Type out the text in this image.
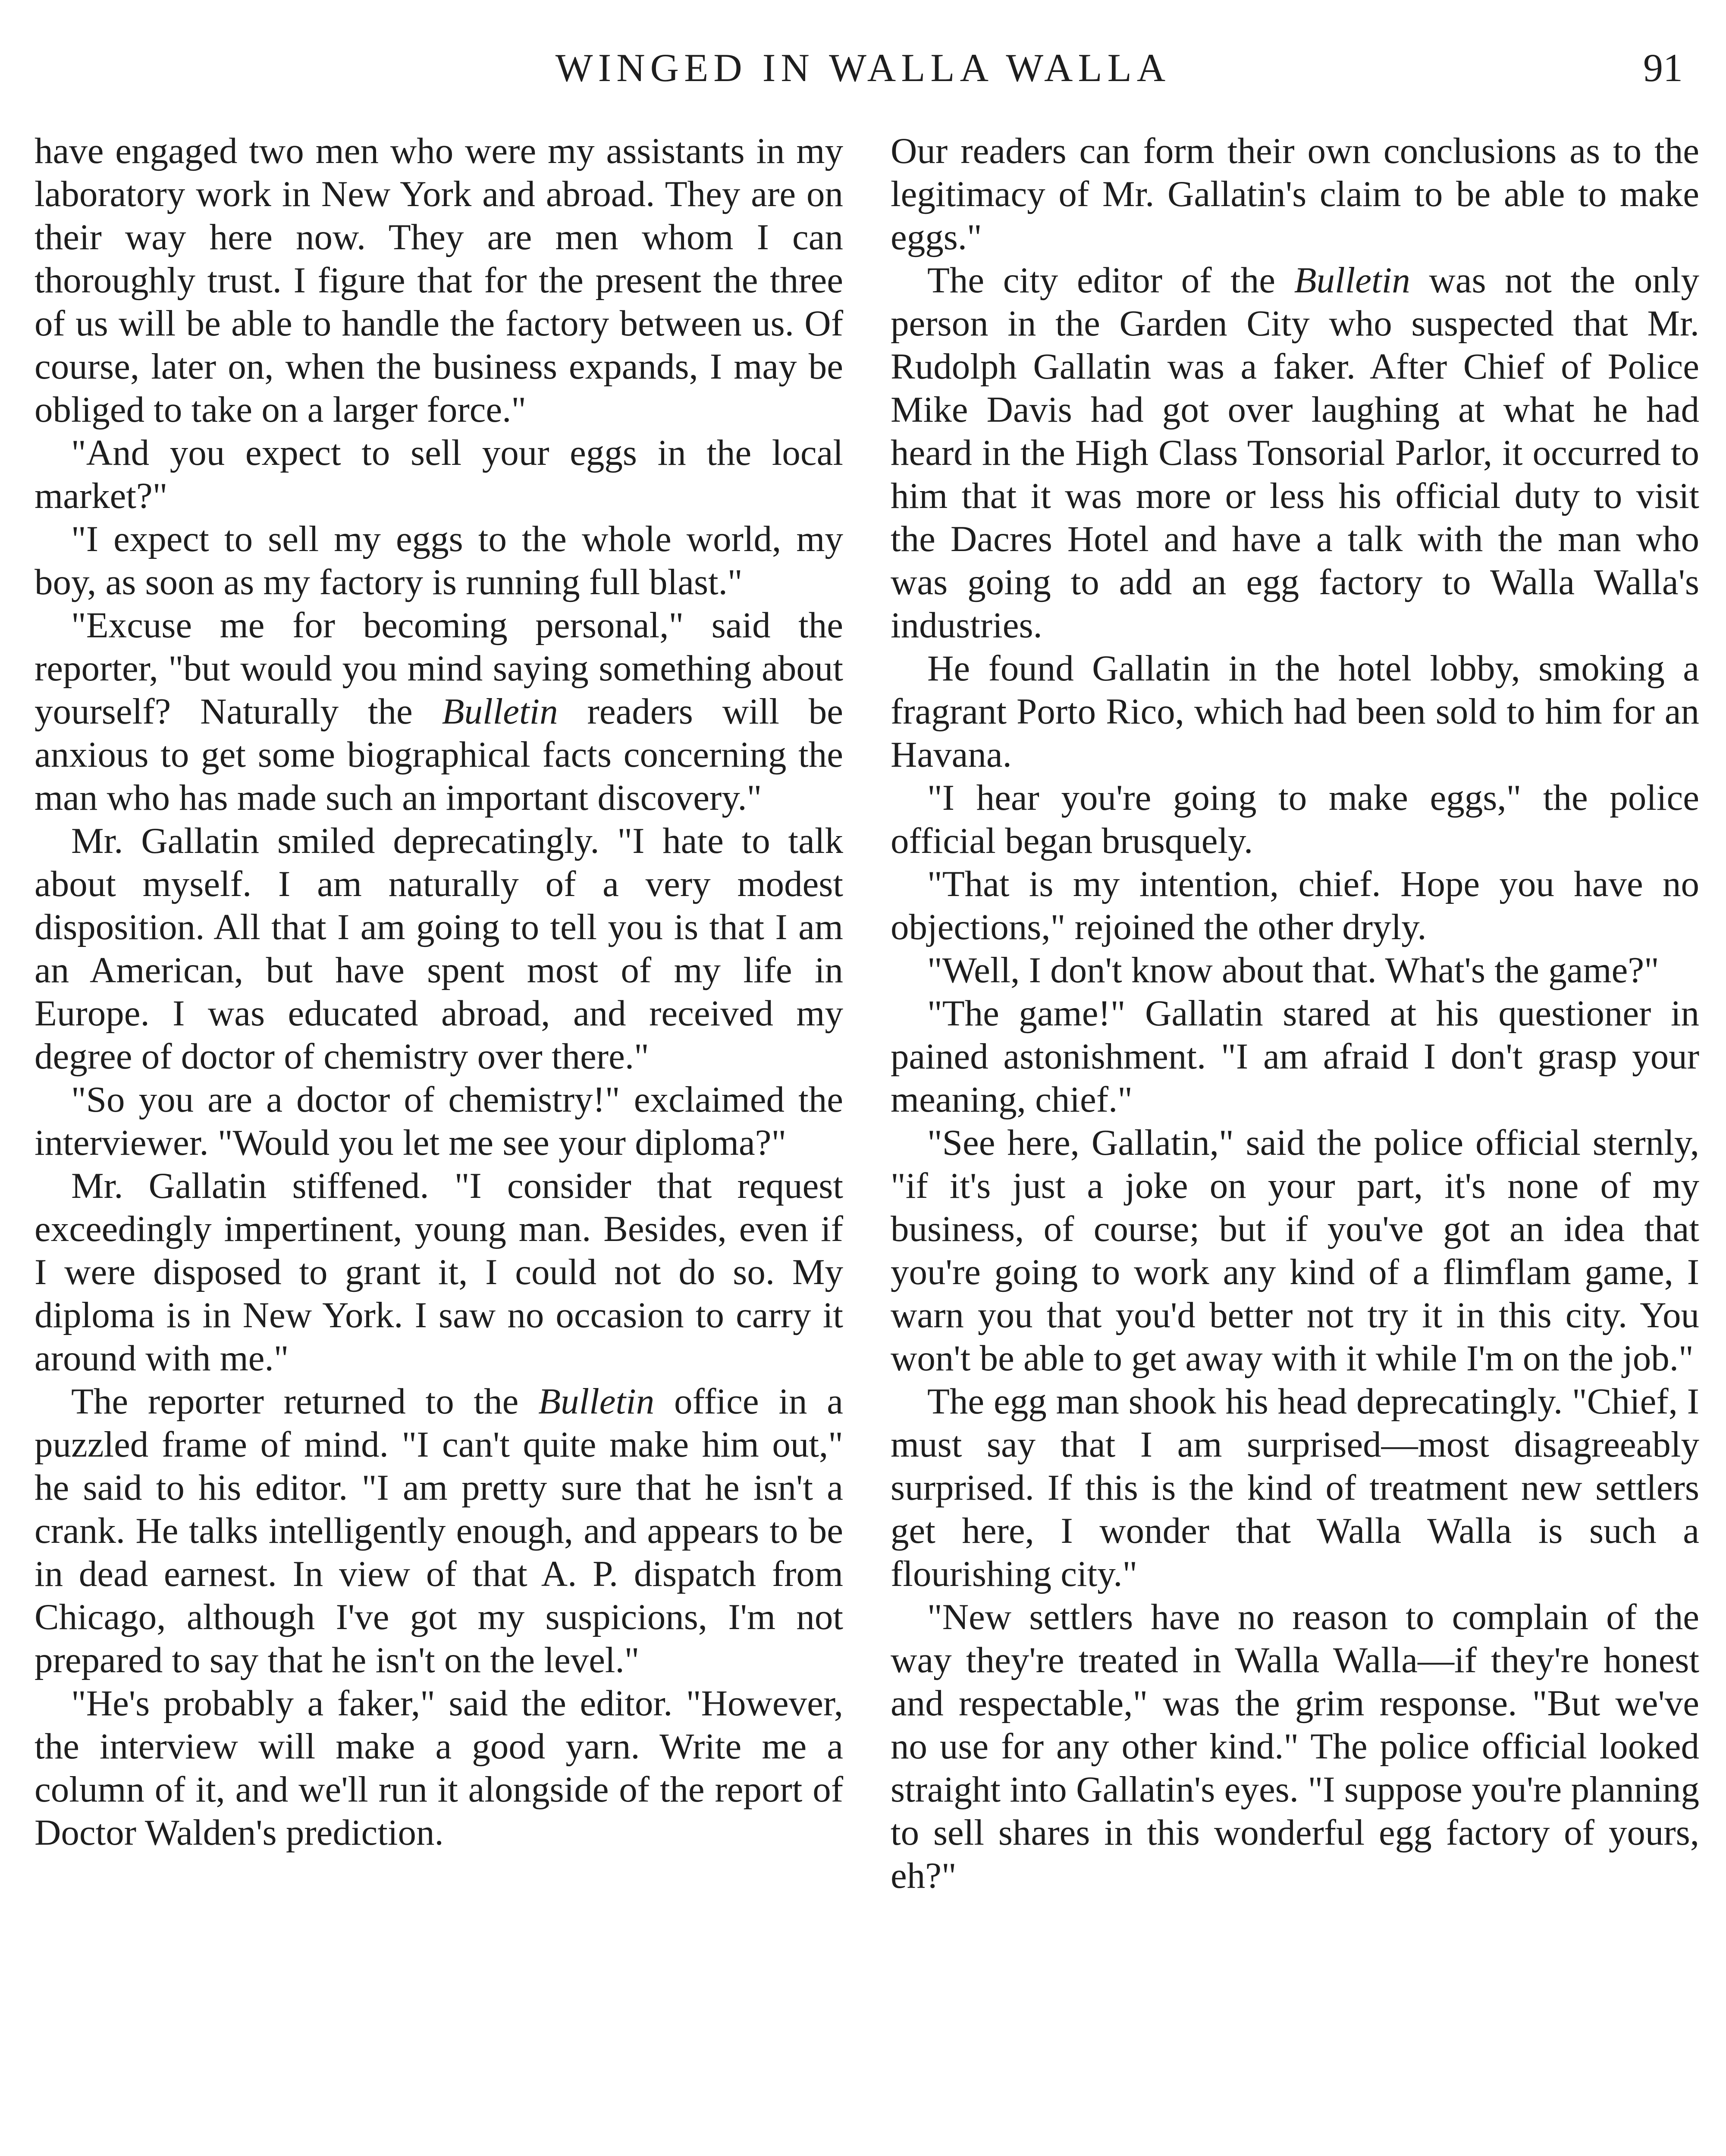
WINGED IN WALLA WALLA	91

have engaged two men who were my assistants in my laboratory work in New York and abroad. They are on their way here now. They are men whom I can thoroughly trust. I figure that for the present the three of us will be able to handle the factory between us. Of course, later on, when the business expands, I may be obliged to take on a larger force."

"And you expect to sell your eggs in the local market?"

"I expect to sell my eggs to the whole world, my boy, as soon as my factory is running full blast."

"Excuse me for becoming personal," said the reporter, "but would you mind saying something about yourself? Naturally the Bulletin readers will be anxious to get some biographical facts concerning the man who has made such an important discovery."

Mr. Gallatin smiled deprecatingly. "I hate to talk about myself. I am naturally of a very modest disposition. All that I am going to tell you is that I am an American, but have spent most of my life in Europe. I was educated abroad, and received my degree of doctor of chemistry over there."

"So you are a doctor of chemistry!" exclaimed the interviewer. "Would you let me see your diploma?"

Mr. Gallatin stiffened. "I consider that request exceedingly impertinent, young man. Besides, even if I were disposed to grant it, I could not do so. My diploma is in New York. I saw no occasion to carry it around with me."

The reporter returned to the Bulletin office in a puzzled frame of mind. "I can't quite make him out," he said to his editor. "I am pretty sure that he isn't a crank. He talks intelligently enough, and appears to be in dead earnest. In view of that A. P. dispatch from Chicago, although I've got my suspicions, I'm not prepared to say that he isn't on the level."

"He's probably a faker," said the editor. "However, the interview will make a good yarn. Write me a column of it, and we'll run it alongside of the report of Doctor Walden's prediction.

Our readers can form their own conclusions as to the legitimacy of Mr. Gallatin's claim to be able to make eggs."

The city editor of the Bulletin was not the only person in the Garden City who suspected that Mr. Rudolph Gallatin was a faker. After Chief of Police Mike Davis had got over laughing at what he had heard in the High Class Tonsorial Parlor, it occurred to him that it was more or less his official duty to visit the Dacres Hotel and have a talk with the man who was going to add an egg factory to Walla Walla's industries.

He found Gallatin in the hotel lobby, smoking a fragrant Porto Rico, which had been sold to him for an Havana.

"I hear you're going to make eggs," the police official began brusquely.

"That is my intention, chief. Hope you have no objections," rejoined the other dryly.

"Well, I don't know about that. What's the game?"

"The game!" Gallatin stared at his questioner in pained astonishment. "I am afraid I don't grasp your meaning, chief."

"See here, Gallatin," said the police official sternly, "if it's just a joke on your part, it's none of my business, of course; but if you've got an idea that you're going to work any kind of a flimflam game, I warn you that you'd better not try it in this city. You won't be able to get away with it while I'm on the job."

The egg man shook his head deprecatingly. "Chief, I must say that I am surprised—most disagreeably surprised. If this is the kind of treatment new settlers get here, I wonder that Walla Walla is such a flourishing city."

"New settlers have no reason to complain of the way they're treated in Walla Walla—if they're honest and respectable," was the grim response. "But we've no use for any other kind." The police official looked straight into Gallatin's eyes. "I suppose you're planning to sell shares in this wonderful egg factory of yours, eh?"
